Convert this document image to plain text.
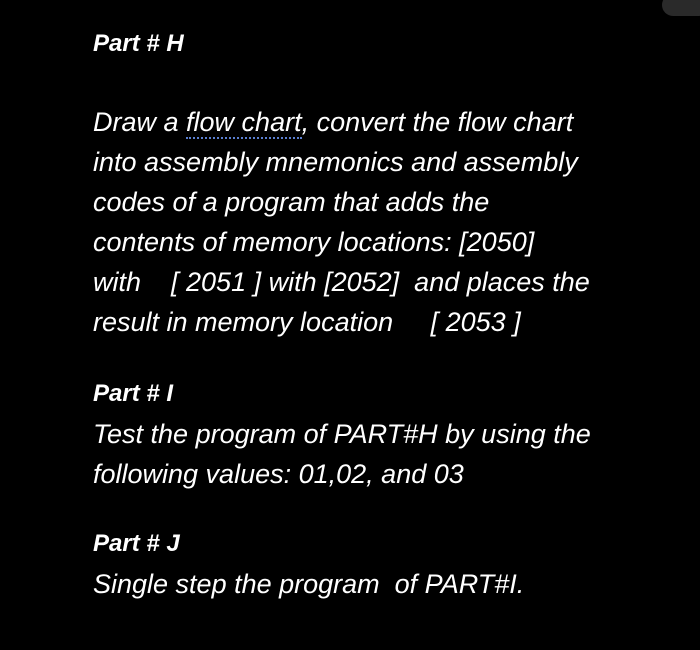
Part # H

Draw a flow chart, convert the flow chart

into assembly mnemonics and assembly

codes of a program that adds the

contents of memory locations: [2050]

with    [ 2051 ] with [2052]  and places the

result in memory location     [ 2053 ]

Part # I

Test the program of PART#H by using the

following values: 01,02, and 03

Part # J

Single step the program  of PART#I.
